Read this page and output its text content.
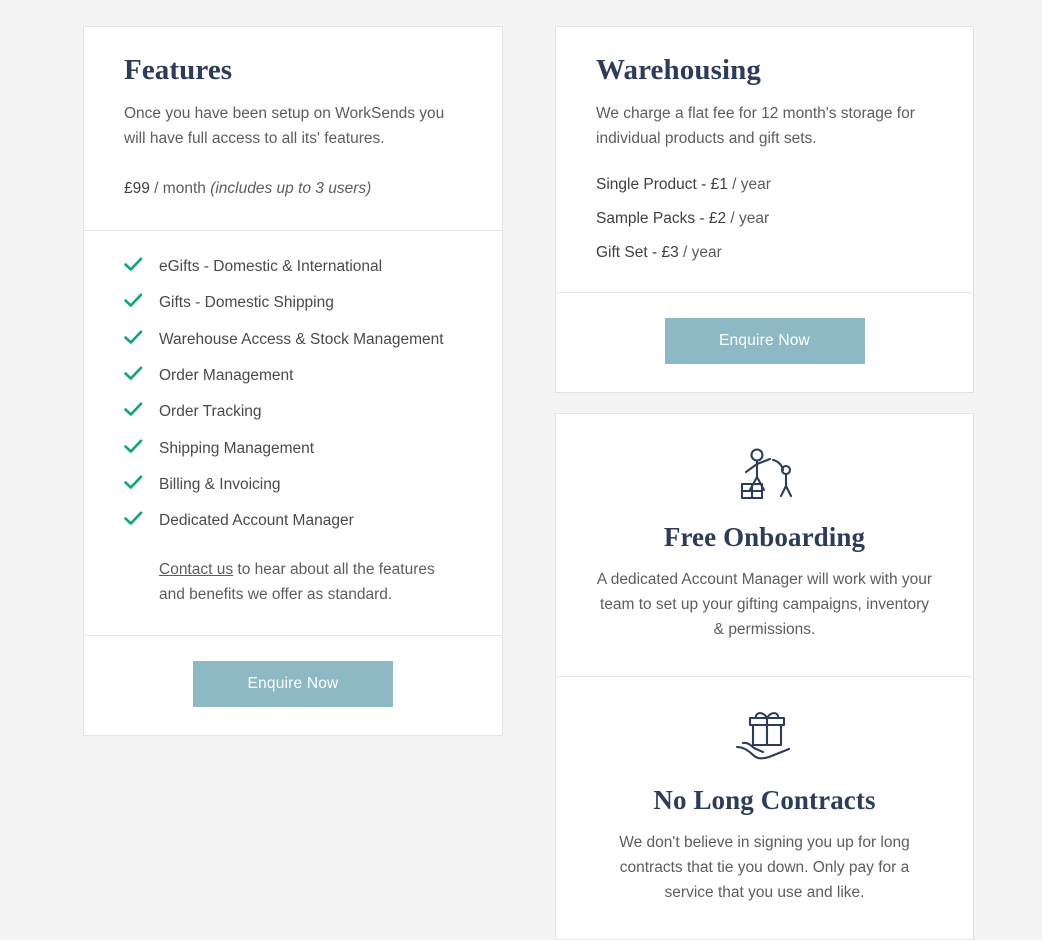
Features

Once you have been setup on WorkSends you will have full access to all its' features.

£99 / month (includes up to 3 users)

eGifts - Domestic & International
Gifts - Domestic Shipping
Warehouse Access & Stock Management
Order Management
Order Tracking
Shipping Management
Billing & Invoicing
Dedicated Account Manager

Contact us to hear about all the features and benefits we offer as standard.

Enquire Now
Warehousing

We charge a flat fee for 12 month's storage for individual products and gift sets.

Single Product - £1 / year
Sample Packs - £2 / year
Gift Set - £3 / year
Enquire Now
Free Onboarding

A dedicated Account Manager will work with your team to set up your gifting campaigns, inventory & permissions.

No Long Contracts

We don't believe in signing you up for long contracts that tie you down. Only pay for a service that you use and like.
